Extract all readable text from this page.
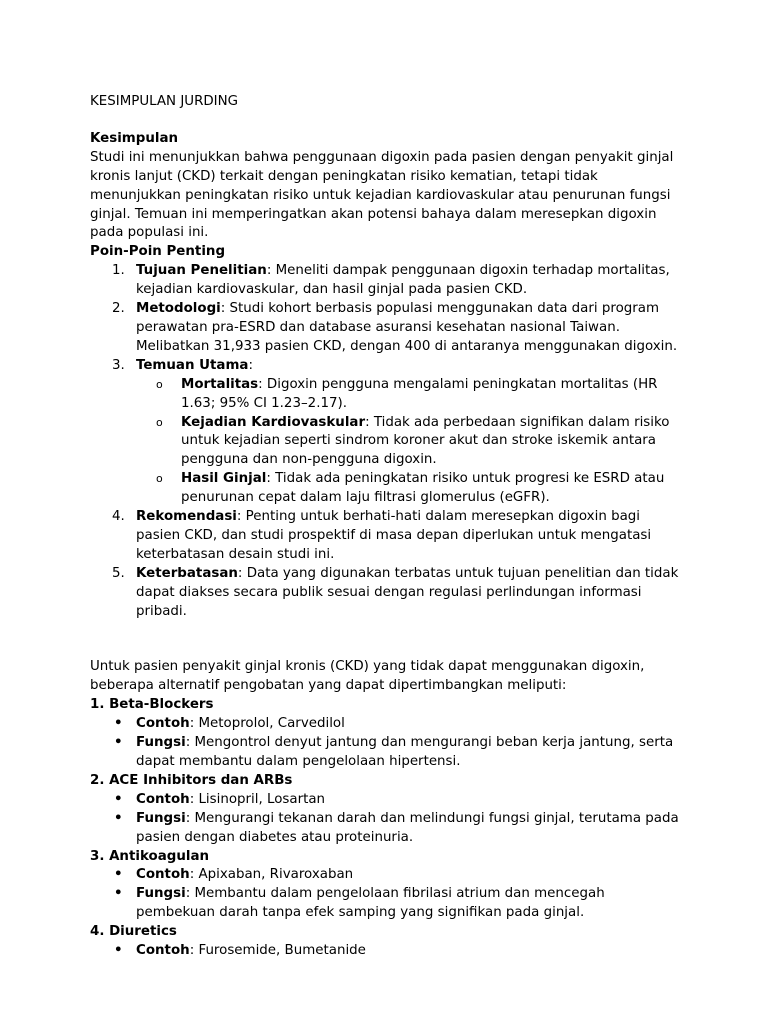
KESIMPULAN JURDING

Kesimpulan

Studi ini menunjukkan bahwa penggunaan digoxin pada pasien dengan penyakit ginjal kronis lanjut (CKD) terkait dengan peningkatan risiko kematian, tetapi tidak menunjukkan peningkatan risiko untuk kejadian kardiovaskular atau penurunan fungsi ginjal. Temuan ini memperingatkan akan potensi bahaya dalam meresepkan digoxin pada populasi ini.

Poin-Poin Penting

1. Tujuan Penelitian: Meneliti dampak penggunaan digoxin terhadap mortalitas, kejadian kardiovaskular, dan hasil ginjal pada pasien CKD.
2. Metodologi: Studi kohort berbasis populasi menggunakan data dari program perawatan pra-ESRD dan database asuransi kesehatan nasional Taiwan. Melibatkan 31,933 pasien CKD, dengan 400 di antaranya menggunakan digoxin.
3. Temuan Utama:
o Mortalitas: Digoxin pengguna mengalami peningkatan mortalitas (HR 1.63; 95% CI 1.23–2.17).
o Kejadian Kardiovaskular: Tidak ada perbedaan signifikan dalam risiko untuk kejadian seperti sindrom koroner akut dan stroke iskemik antara pengguna dan non-pengguna digoxin.
o Hasil Ginjal: Tidak ada peningkatan risiko untuk progresi ke ESRD atau penurunan cepat dalam laju filtrasi glomerulus (eGFR).
4. Rekomendasi: Penting untuk berhati-hati dalam meresepkan digoxin bagi pasien CKD, dan studi prospektif di masa depan diperlukan untuk mengatasi keterbatasan desain studi ini.
5. Keterbatasan: Data yang digunakan terbatas untuk tujuan penelitian dan tidak dapat diakses secara publik sesuai dengan regulasi perlindungan informasi pribadi.

Untuk pasien penyakit ginjal kronis (CKD) yang tidak dapat menggunakan digoxin, beberapa alternatif pengobatan yang dapat dipertimbangkan meliputi:

1. Beta-Blockers

• Contoh: Metoprolol, Carvedilol
• Fungsi: Mengontrol denyut jantung dan mengurangi beban kerja jantung, serta dapat membantu dalam pengelolaan hipertensi.

2. ACE Inhibitors dan ARBs

• Contoh: Lisinopril, Losartan
• Fungsi: Mengurangi tekanan darah dan melindungi fungsi ginjal, terutama pada pasien dengan diabetes atau proteinuria.

3. Antikoagulan

• Contoh: Apixaban, Rivaroxaban
• Fungsi: Membantu dalam pengelolaan fibrilasi atrium dan mencegah pembekuan darah tanpa efek samping yang signifikan pada ginjal.

4. Diuretics

• Contoh: Furosemide, Bumetanide
